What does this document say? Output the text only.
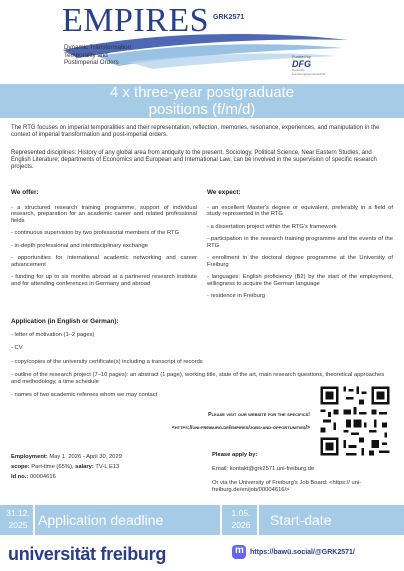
EMPIRES GRK2571
Dynamic Transformation
Temporality and
Postimperial Orders
Funded by
DFG
Deutsche Forschungsgemeinschaft
4 x three-year postgraduate
positions (f/m/d)
The RTG focuses on imperial temporalities and their representation, reflection, memories, resonance, experiences, and manipulation in the context of imperial transformation and post-imperial orders.
Represented disciplines: History of any global area from antiquity to the present, Sociology, Political Science, Near Eastern Studies, and English Literature; departments of Economics and European and International Law, can be involved in the supervision of specific research projects.
We offer:
- a structured research training programme, support of individual research, preparation for an academic career and related professional fields
- continuous supervision by two professorial members of the RTG
- in-depth professional and interdisciplinary exchange
- opportunities for international academic networking and career advancement
- funding for up to six months abroad at a partnered research institute and for attending conferences in Germany and abroad
We expect:
- an excellent Master's degree or equivalent, preferably in a field of study represented in the RTG
- a dissertation project within the RTG's framework
- participation in the research training programme and the events of the RTG
- enrollment in the doctoral degree programme at the University of Freiburg
- languages: English proficiency (B2) by the start of the employment, willingness to acquire the German language
- residence in Freiburg
Application (in English or German):
- letter of motivation (1–2 pages)
- CV
- copy/copies of the university certificate(s) including a transcript of records
- outline of the research project (7–10 pages): an abstract (1 page), working title, state of the art, main research questions, theoretical approaches and methodology, a time schedule
- names of two academic referees whom we may contact
Please visit our website for the specifics!
<https://uni-freiburg.de/empires/jobs-and-opportunities/>
Employment: May 1, 2026 - April 30, 2029
scope: Part-time (65%), salary: TV-L E13
Id no.: 00004616
Please apply by:
Email: kontakt@grk2571.uni-freiburg.de
Or via the University of Freiburg's Job Board: <https:// uni-freiburg.de/en/job/00004616/>
31.12. 2025 Application deadline	1.05. 2026	Start-date
universität freiburg
m	https://bawü.social/@GRK2571/
